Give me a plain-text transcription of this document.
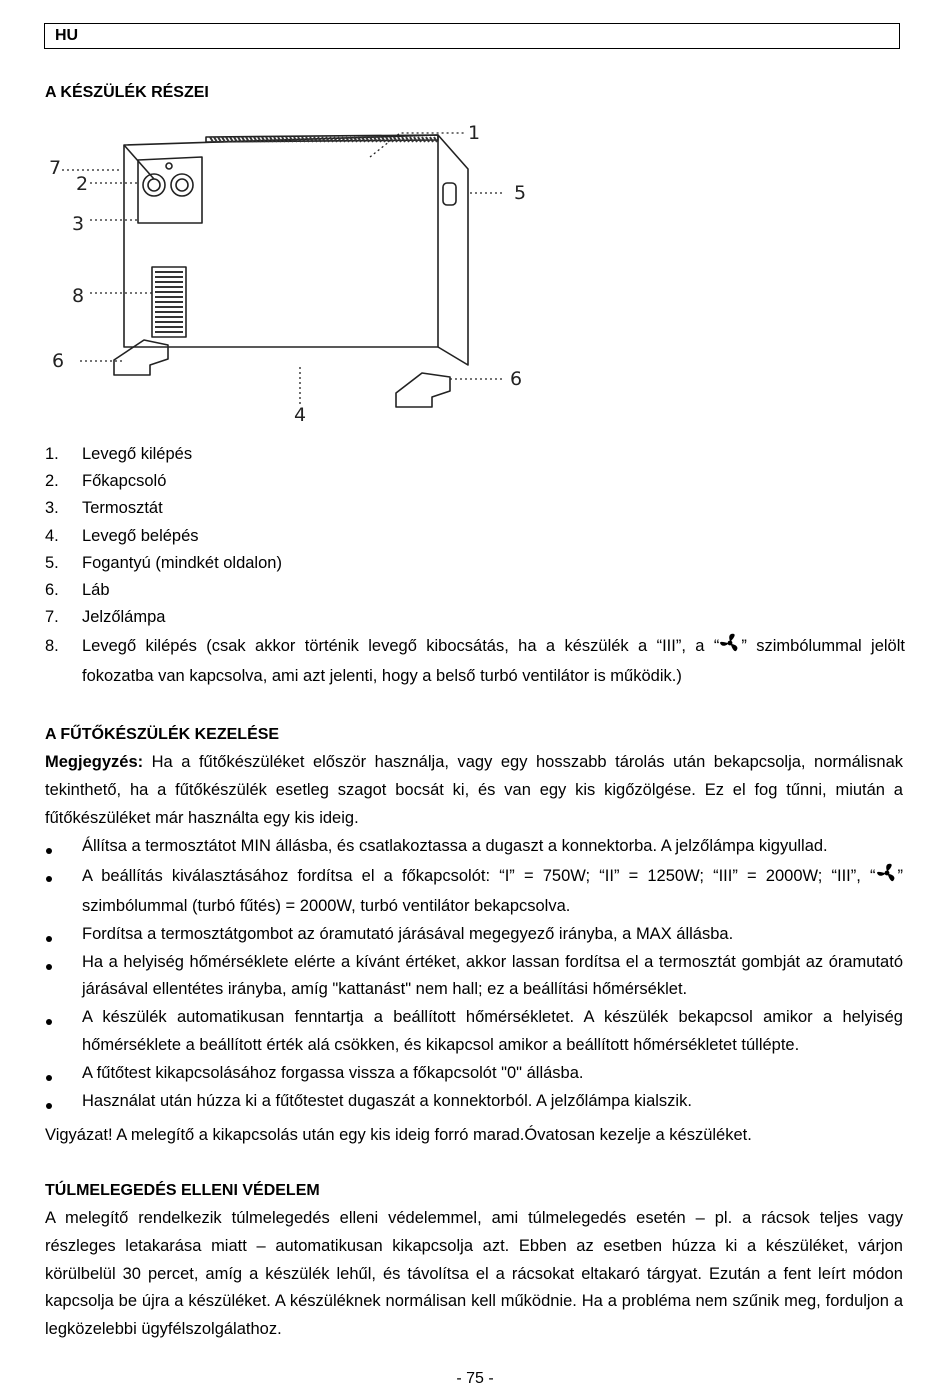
HU
A KÉSZÜLÉK RÉSZEI
1
2
3
4
5
6
6
7
8
1. Levegő kilépés
2. Főkapcsoló
3. Termosztát
4. Levegő belépés
5. Fogantyú (mindkét oldalon)
6. Láb
7. Jelzőlámpa
8. Levegő kilépés (csak akkor történik levegő kibocsátás, ha a készülék a “III”, a “ ” szimbólummal jelölt fokozatba van kapcsolva, ami azt jelenti, hogy a belső turbó ventilátor is működik.)
A FŰTŐKÉSZÜLÉK KEZELÉSE
Megjegyzés: Ha a fűtőkészüléket először használja, vagy egy hosszabb tárolás után bekapcsolja, normálisnak tekinthető, ha a fűtőkészülék esetleg szagot bocsát ki, és van egy kis kigőzölgése. Ez el fog tűnni, miután a fűtőkészüléket már használta egy kis ideig.
Állítsa a termosztátot MIN állásba, és csatlakoztassa a dugaszt a konnektorba. A jelzőlámpa kigyullad.
A beállítás kiválasztásához fordítsa el a főkapcsolót: “I” = 750W; “II” = 1250W; “III” = 2000W; “III”, “ ” szimbólummal (turbó fűtés) = 2000W, turbó ventilátor bekapcsolva.
Fordítsa a termosztátgombot az óramutató járásával megegyező irányba, a MAX állásba.
Ha a helyiség hőmérséklete elérte a kívánt értéket, akkor lassan fordítsa el a termosztát gombját az óramutató járásával ellentétes irányba, amíg "kattanást" nem hall; ez a beállítási hőmérséklet.
A készülék automatikusan fenntartja a beállított hőmérsékletet. A készülék bekapcsol amikor a helyiség hőmérséklete a beállított érték alá csökken, és kikapcsol amikor a beállított hőmérsékletet túllépte.
A fűtőtest kikapcsolásához forgassa vissza a főkapcsolót "0" állásba.
Használat után húzza ki a fűtőtestet dugaszát a konnektorból. A jelzőlámpa kialszik.
Vigyázat! A melegítő a kikapcsolás után egy kis ideig forró marad.Óvatosan kezelje a készüléket.
TÚLMELEGEDÉS ELLENI VÉDELEM
A melegítő rendelkezik túlmelegedés elleni védelemmel, ami túlmelegedés esetén – pl. a rácsok teljes vagy részleges letakarása miatt – automatikusan kikapcsolja azt. Ebben az esetben húzza ki a készüléket, várjon körülbelül 30 percet, amíg a készülék lehűl, és távolítsa el a rácsokat eltakaró tárgyat. Ezután a fent leírt módon kapcsolja be újra a készüléket. A készüléknek normálisan kell működnie. Ha a probléma nem szűnik meg, forduljon a legközelebbi ügyfélszolgálathoz.
- 75 -
